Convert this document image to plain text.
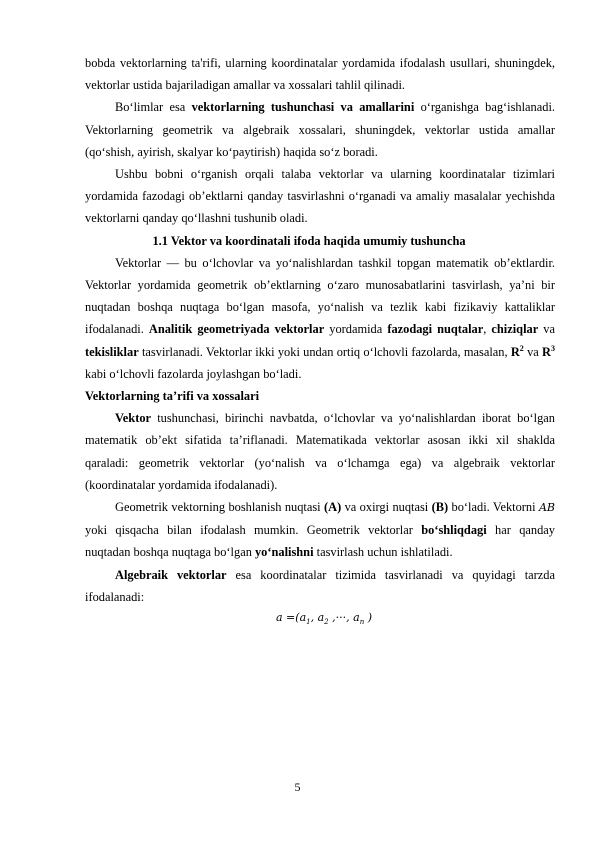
bobda vektorlarning ta'rifi, ularning koordinatalar yordamida ifodalash usullari, shuningdek, vektorlar ustida bajariladigan amallar va xossalari tahlil qilinadi.

Bo‘limlar esa vektorlarning tushunchasi va amallarini o‘rganishga bag‘ishlanadi. Vektorlarning geometrik va algebraik xossalari, shuningdek, vektorlar ustida amallar (qo‘shish, ayirish, skalyar ko‘paytirish) haqida so‘z boradi.

Ushbu bobni o‘rganish orqali talaba vektorlar va ularning koordinatalar tizimlari yordamida fazodagi ob’ektlarni qanday tasvirlashni o‘rganadi va amaliy masalalar yechishda vektorlarni qanday qo‘llashni tushunib oladi.

1.1 Vektor va koordinatali ifoda haqida umumiy tushuncha

Vektorlar — bu o‘lchovlar va yo‘nalishlardan tashkil topgan matematik ob’ektlardir. Vektorlar yordamida geometrik ob’ektlarning o‘zaro munosabatlarini tasvirlash, ya’ni bir nuqtadan boshqa nuqtaga bo‘lgan masofa, yo‘nalish va tezlik kabi fizikaviy kattaliklar ifodalanadi. Analitik geometriyada vektorlar yordamida fazodagi nuqtalar, chiziqlar va tekisliklar tasvirlanadi. Vektorlar ikki yoki undan ortiq o‘lchovli fazolarda, masalan, $R^2$ va $R^3$ kabi o‘lchovli fazolarda joylashgan bo‘ladi.

Vektorlarning ta’rifi va xossalari

Vektor tushunchasi, birinchi navbatda, o‘lchovlar va yo‘nalishlardan iborat bo‘lgan matematik ob’ekt sifatida ta’riflanadi. Matematikada vektorlar asosan ikki xil shaklda qaraladi: geometrik vektorlar (yo‘nalish va o‘lchamga ega) va algebraik vektorlar (koordinatalar yordamida ifodalanadi).

Geometrik vektorning boshlanish nuqtasi (A) va oxirgi nuqtasi (B) bo‘ladi. Vektorni AB yoki qisqacha bilan ifodalash mumkin. Geometrik vektorlar bo‘shliqdagi har qanday nuqtadan boshqa nuqtaga bo‘lgan yo‘nalishni tasvirlash uchun ishlatiladi.

Algebraik vektorlar esa koordinatalar tizimida tasvirlanadi va quyidagi tarzda ifodalanadi:

$a =(a_1$, $a_2$ ,···, $a_n$ )
5
